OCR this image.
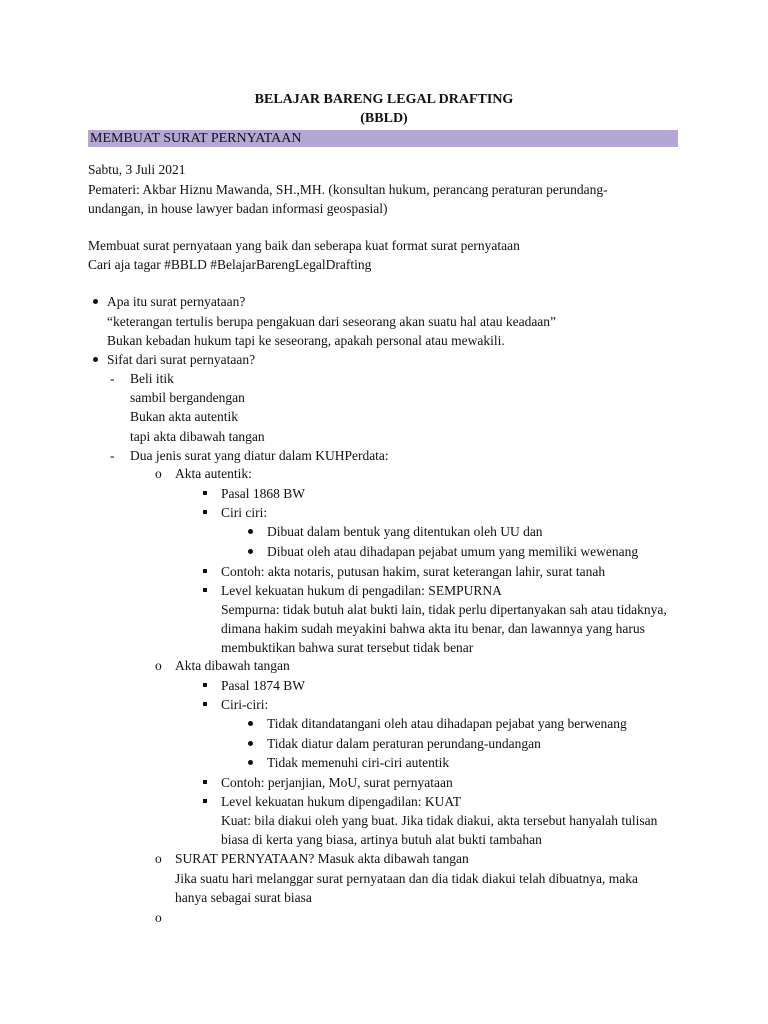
BELAJAR BARENG LEGAL DRAFTING
(BBLD)
MEMBUAT SURAT PERNYATAAN
Sabtu, 3 Juli 2021
Pemateri: Akbar Hiznu Mawanda, SH.,MH. (konsultan hukum, perancang peraturan perundang-
undangan, in house lawyer badan informasi geospasial)
Membuat surat pernyataan yang baik dan seberapa kuat format surat pernyataan
Cari aja tagar #BBLD #BelajarBarengLegalDrafting
Apa itu surat pernyataan?
“keterangan tertulis berupa pengakuan dari seseorang akan suatu hal atau keadaan”
Bukan kebadan hukum tapi ke seseorang, apakah personal atau mewakili.
Sifat dari surat pernyataan?
- Beli itik
sambil bergandengan
Bukan akta autentik
tapi akta dibawah tangan
- Dua jenis surat yang diatur dalam KUHPerdata:
o Akta autentik:
Pasal 1868 BW
Ciri ciri:
Dibuat dalam bentuk yang ditentukan oleh UU dan
Dibuat oleh atau dihadapan pejabat umum yang memiliki wewenang
Contoh: akta notaris, putusan hakim, surat keterangan lahir, surat tanah
Level kekuatan hukum di pengadilan: SEMPURNA
Sempurna: tidak butuh alat bukti lain, tidak perlu dipertanyakan sah atau tidaknya,
dimana hakim sudah meyakini bahwa akta itu benar, dan lawannya yang harus
membuktikan bahwa surat tersebut tidak benar
o Akta dibawah tangan
Pasal 1874 BW
Ciri-ciri:
Tidak ditandatangani oleh atau dihadapan pejabat yang berwenang
Tidak diatur dalam peraturan perundang-undangan
Tidak memenuhi ciri-ciri autentik
Contoh: perjanjian, MoU, surat pernyataan
Level kekuatan hukum dipengadilan: KUAT
Kuat: bila diakui oleh yang buat. Jika tidak diakui, akta tersebut hanyalah tulisan
biasa di kerta yang biasa, artinya butuh alat bukti tambahan
o SURAT PERNYATAAN? Masuk akta dibawah tangan
Jika suatu hari melanggar surat pernyataan dan dia tidak diakui telah dibuatnya, maka
hanya sebagai surat biasa
o
